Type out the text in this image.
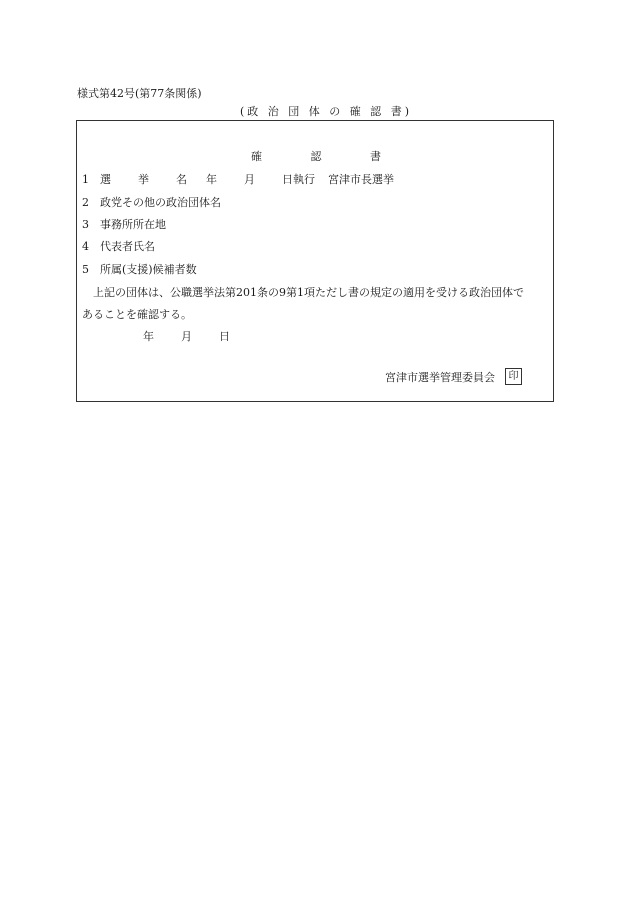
様式第42号(第77条関係)
(政 治 団 体 の 確 認 書)
確	認	書
1 選　挙　名 年 月 日執行 宮津市長選挙
2 政党その他の政治団体名
3 事務所所在地
4 代表者氏名
5 所属(支援)候補者数
上記の団体は、公職選挙法第201条の9第1項ただし書の規定の適用を受ける政治団体で
あることを確認する。
年 月 日
宮津市選挙管理委員会	印
